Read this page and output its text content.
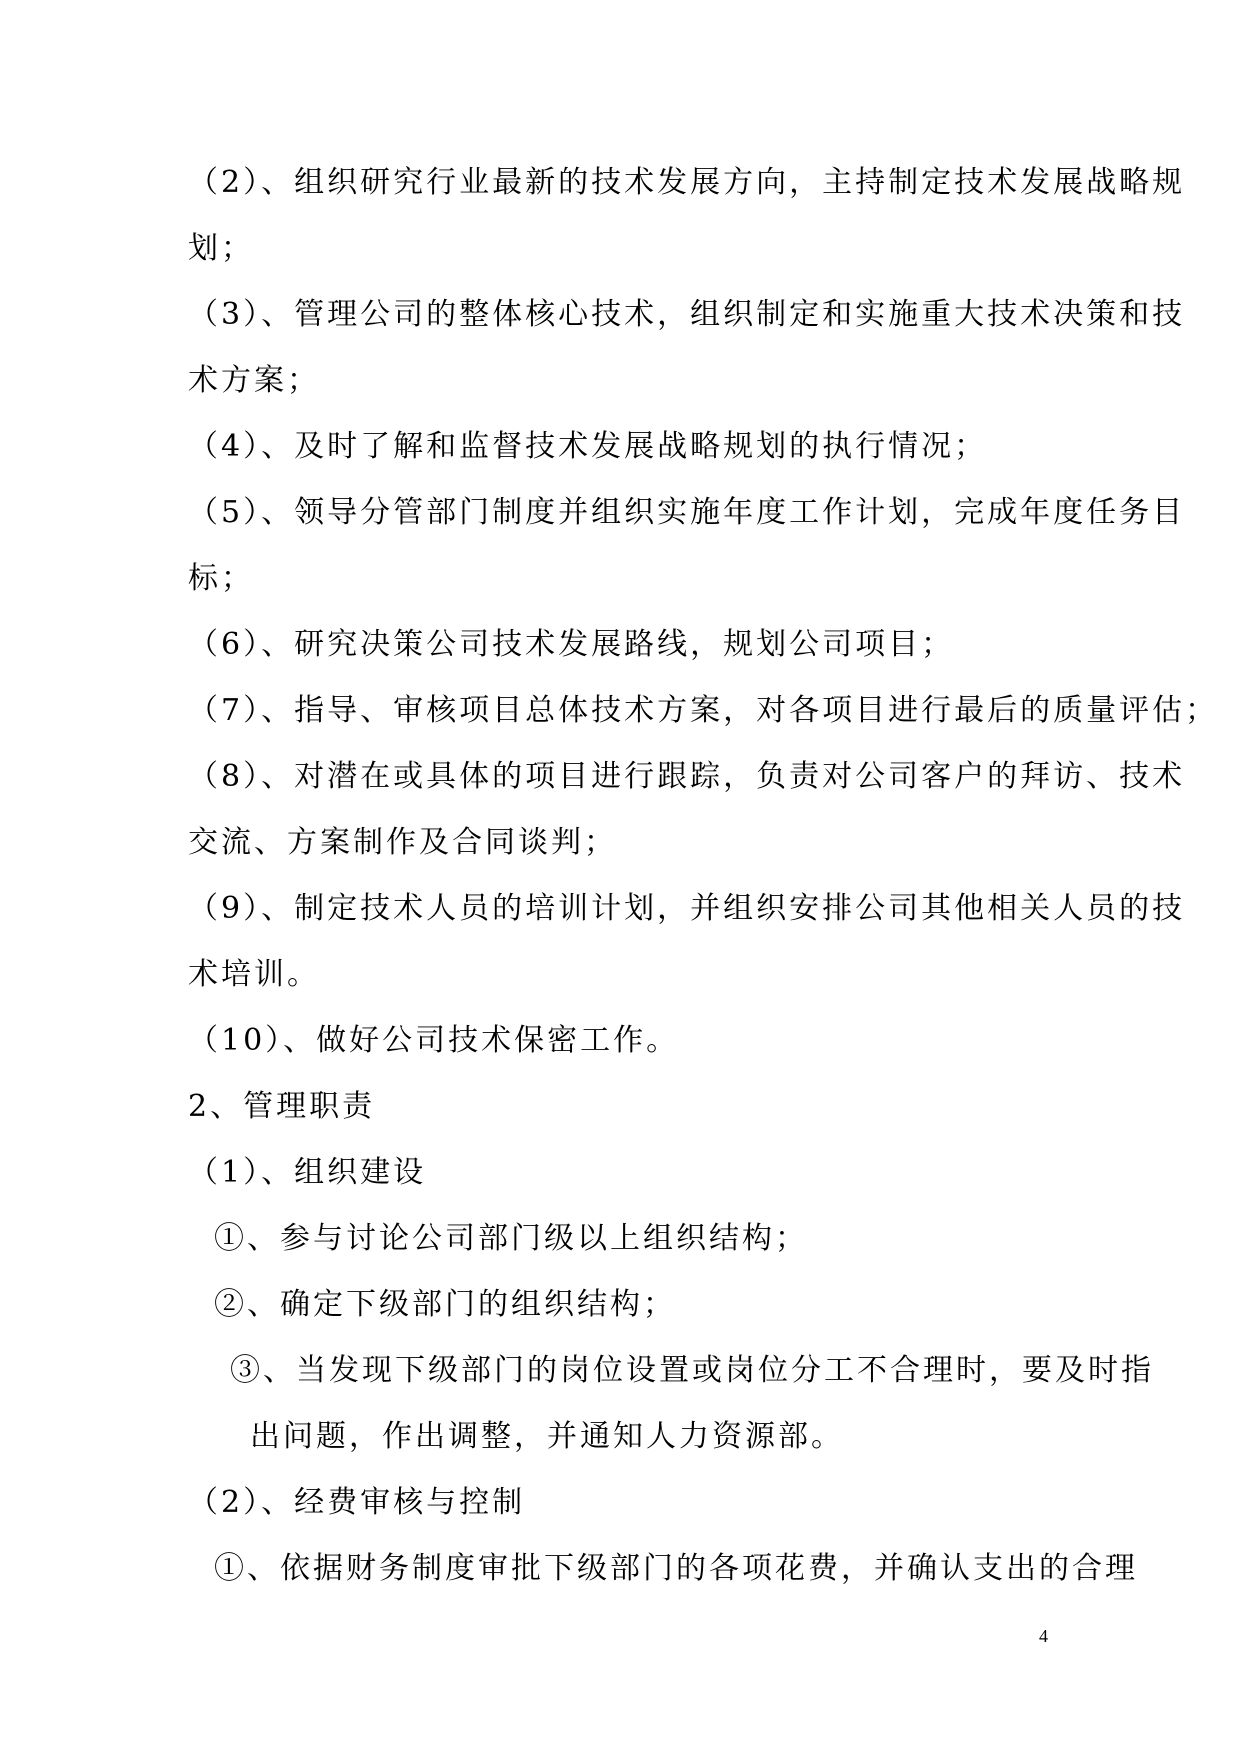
（2）、组织研究行业最新的技术发展方向，主持制定技术发展战略规
划；
（3）、管理公司的整体核心技术，组织制定和实施重大技术决策和技
术方案；
（4）、及时了解和监督技术发展战略规划的执行情况；
（5）、领导分管部门制度并组织实施年度工作计划，完成年度任务目
标；
（6）、研究决策公司技术发展路线，规划公司项目；
（7）、指导、审核项目总体技术方案，对各项目进行最后的质量评估；
（8）、对潜在或具体的项目进行跟踪，负责对公司客户的拜访、技术
交流、方案制作及合同谈判；
（9）、制定技术人员的培训计划，并组织安排公司其他相关人员的技
术培训。
（10）、做好公司技术保密工作。
2、管理职责
（1）、组织建设
①、参与讨论公司部门级以上组织结构；
②、确定下级部门的组织结构；
③、当发现下级部门的岗位设置或岗位分工不合理时，要及时指
出问题，作出调整，并通知人力资源部。
（2）、经费审核与控制
①、依据财务制度审批下级部门的各项花费，并确认支出的合理
4
